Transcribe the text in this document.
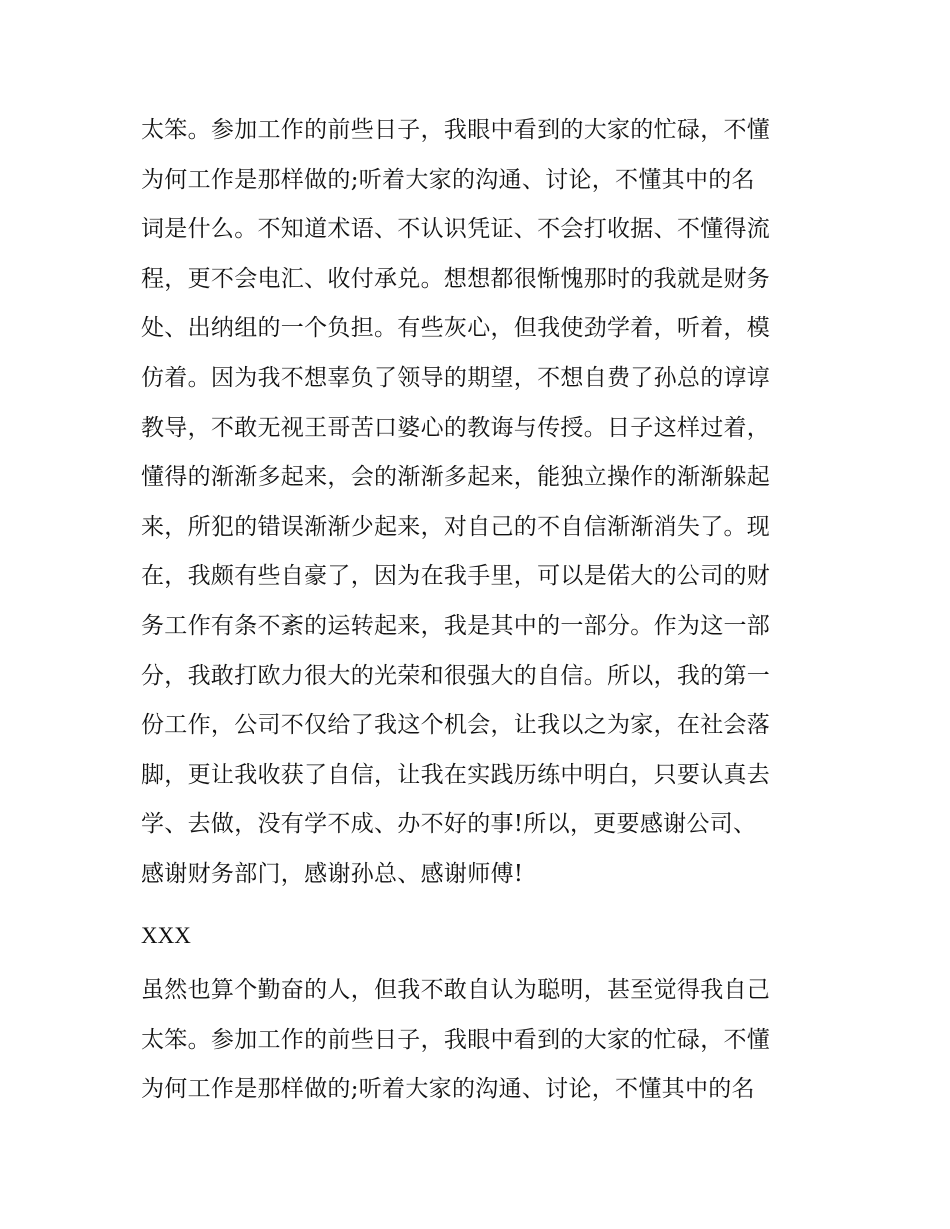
太笨。参加工作的前些日子，我眼中看到的大家的忙碌，不懂
为何工作是那样做的;听着大家的沟通、讨论，不懂其中的名
词是什么。不知道术语、不认识凭证、不会打收据、不懂得流
程，更不会电汇、收付承兑。想想都很惭愧那时的我就是财务
处、出纳组的一个负担。有些灰心，但我使劲学着，听着，模
仿着。因为我不想辜负了领导的期望，不想自费了孙总的谆谆
教导，不敢无视王哥苦口婆心的教诲与传授。日子这样过着，
懂得的渐渐多起来，会的渐渐多起来，能独立操作的渐渐躲起
来，所犯的错误渐渐少起来，对自己的不自信渐渐消失了。现
在，我颇有些自豪了，因为在我手里，可以是偌大的公司的财
务工作有条不紊的运转起来，我是其中的一部分。作为这一部
分，我敢打欧力很大的光荣和很强大的自信。所以，我的第一
份工作，公司不仅给了我这个机会，让我以之为家，在社会落
脚，更让我收获了自信，让我在实践历练中明白，只要认真去
学、去做，没有学不成、办不好的事!所以，更要感谢公司、
感谢财务部门，感谢孙总、感谢师傅!
XXX
虽然也算个勤奋的人，但我不敢自认为聪明，甚至觉得我自己
太笨。参加工作的前些日子，我眼中看到的大家的忙碌，不懂
为何工作是那样做的;听着大家的沟通、讨论，不懂其中的名
